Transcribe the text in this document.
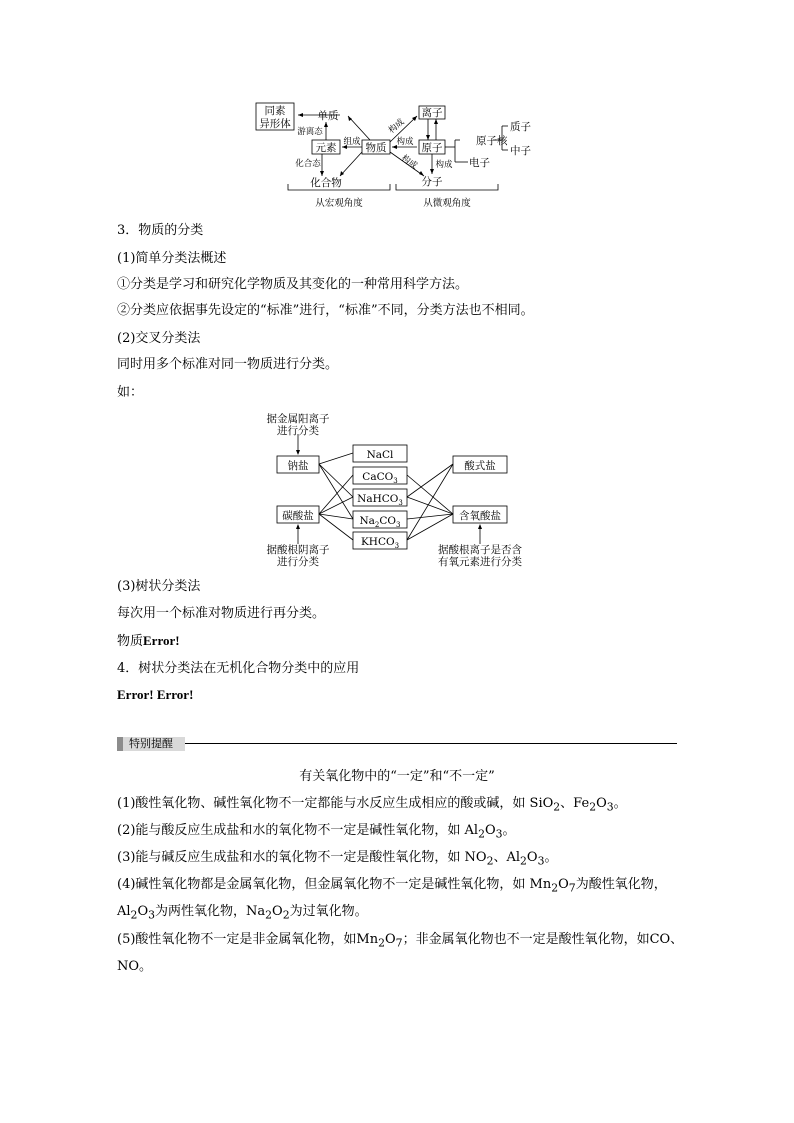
同素
异形体
单质
游离态
元素 组成
化合态
化合物
物质
构成
构成
构成
离子
原子
构成
原子核
电子
质子
中子
分子
从宏观角度	从微观角度
3．物质的分类
(1)简单分类法概述
①分类是学习和研究化学物质及其变化的一种常用科学方法。
②分类应依据事先设定的“标准”进行，“标准”不同，分类方法也不相同。
(2)交叉分类法
同时用多个标准对同一物质进行分类。
如：
据金属阳离子
进行分类
钠盐
碳酸盐
据酸根阴离子
进行分类
NaCl
CaCO$_3$
NaHCO$_3$
$Na_2CO_3$
$KHCO_3$
酸式盐
含氧酸盐
据酸根离子是否含
有氧元素进行分类
(3)树状分类法
每次用一个标准对物质进行再分类。
物质Error!
4．树状分类法在无机化合物分类中的应用
Error! Error!
特别提醒
有关氧化物中的“一定”和“不一定”
(1)酸性氧化物、碱性氧化物不一定都能与水反应生成相应的酸或碱，如 SiO$_2$、$Fe_2O_3$。
(2)能与酸反应生成盐和水的氧化物不一定是碱性氧化物，如 $Al_2O_3$。
(3)能与碱反应生成盐和水的氧化物不一定是酸性氧化物，如 $NO_2$、$Al_2O_3$。
(4)碱性氧化物都是金属氧化物，但金属氧化物不一定是碱性氧化物，如 $Mn_2O_7$为酸性氧化物，
$Al_2O_3$为两性氧化物，$Na_2O_2$为过氧化物。
(5)酸性氧化物不一定是非金属氧化物，如$Mn_2O_7$；非金属氧化物也不一定是酸性氧化物，如CO、
NO。
